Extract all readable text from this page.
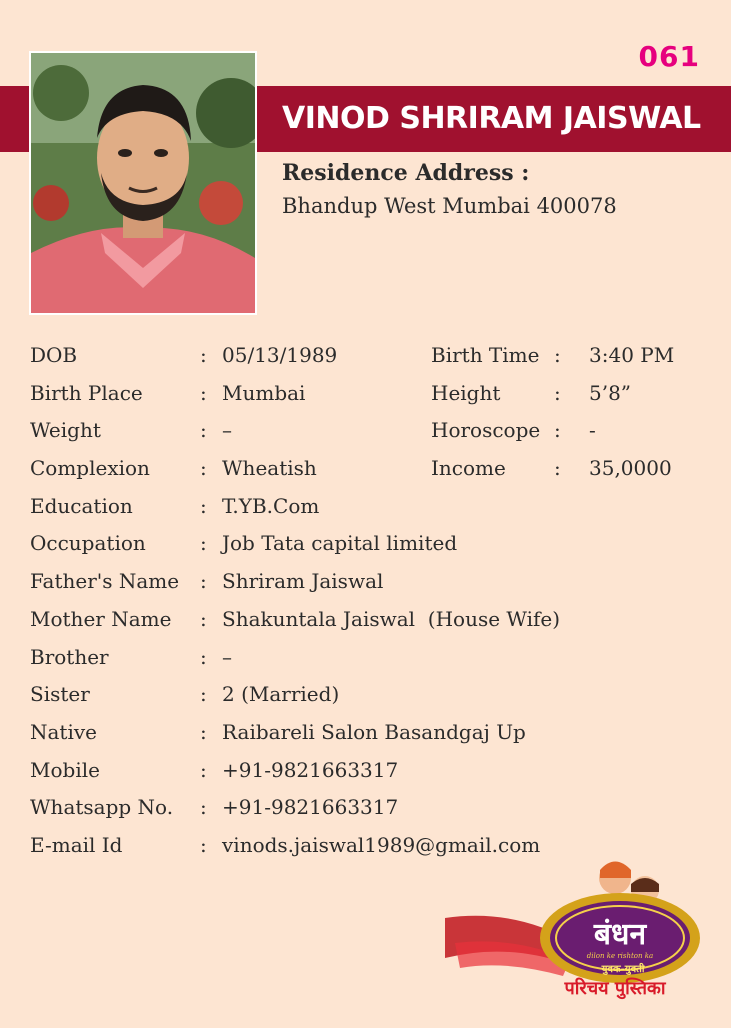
061
VINOD SHRIRAM JAISWAL
Residence Address :
Bhandup West Mumbai 400078
DOB	: 05/13/1989	Birth Time : 3:40 PM
Birth Place	: Mumbai	Height	: 5’8”
Weight	: –	Horoscope : -
Complexion	: Wheatish	Income : 35,0000
Education	: T.YB.Com
Occupation	: Job Tata capital limited
Father's Name : Shriram Jaiswal
Mother Name : Shakuntala Jaiswal  (House Wife)
Brother	: –
Sister	: 2 (Married)
Native	: Raibareli Salon Basandgaj Up
Mobile	: +91-9821663317
Whatsapp No. : +91-9821663317
E-mail Id	: vinods.jaiswal1989@gmail.com
बंधन
dilon ke rishton ka
युवक-युवती
परिचय पुस्तिका
